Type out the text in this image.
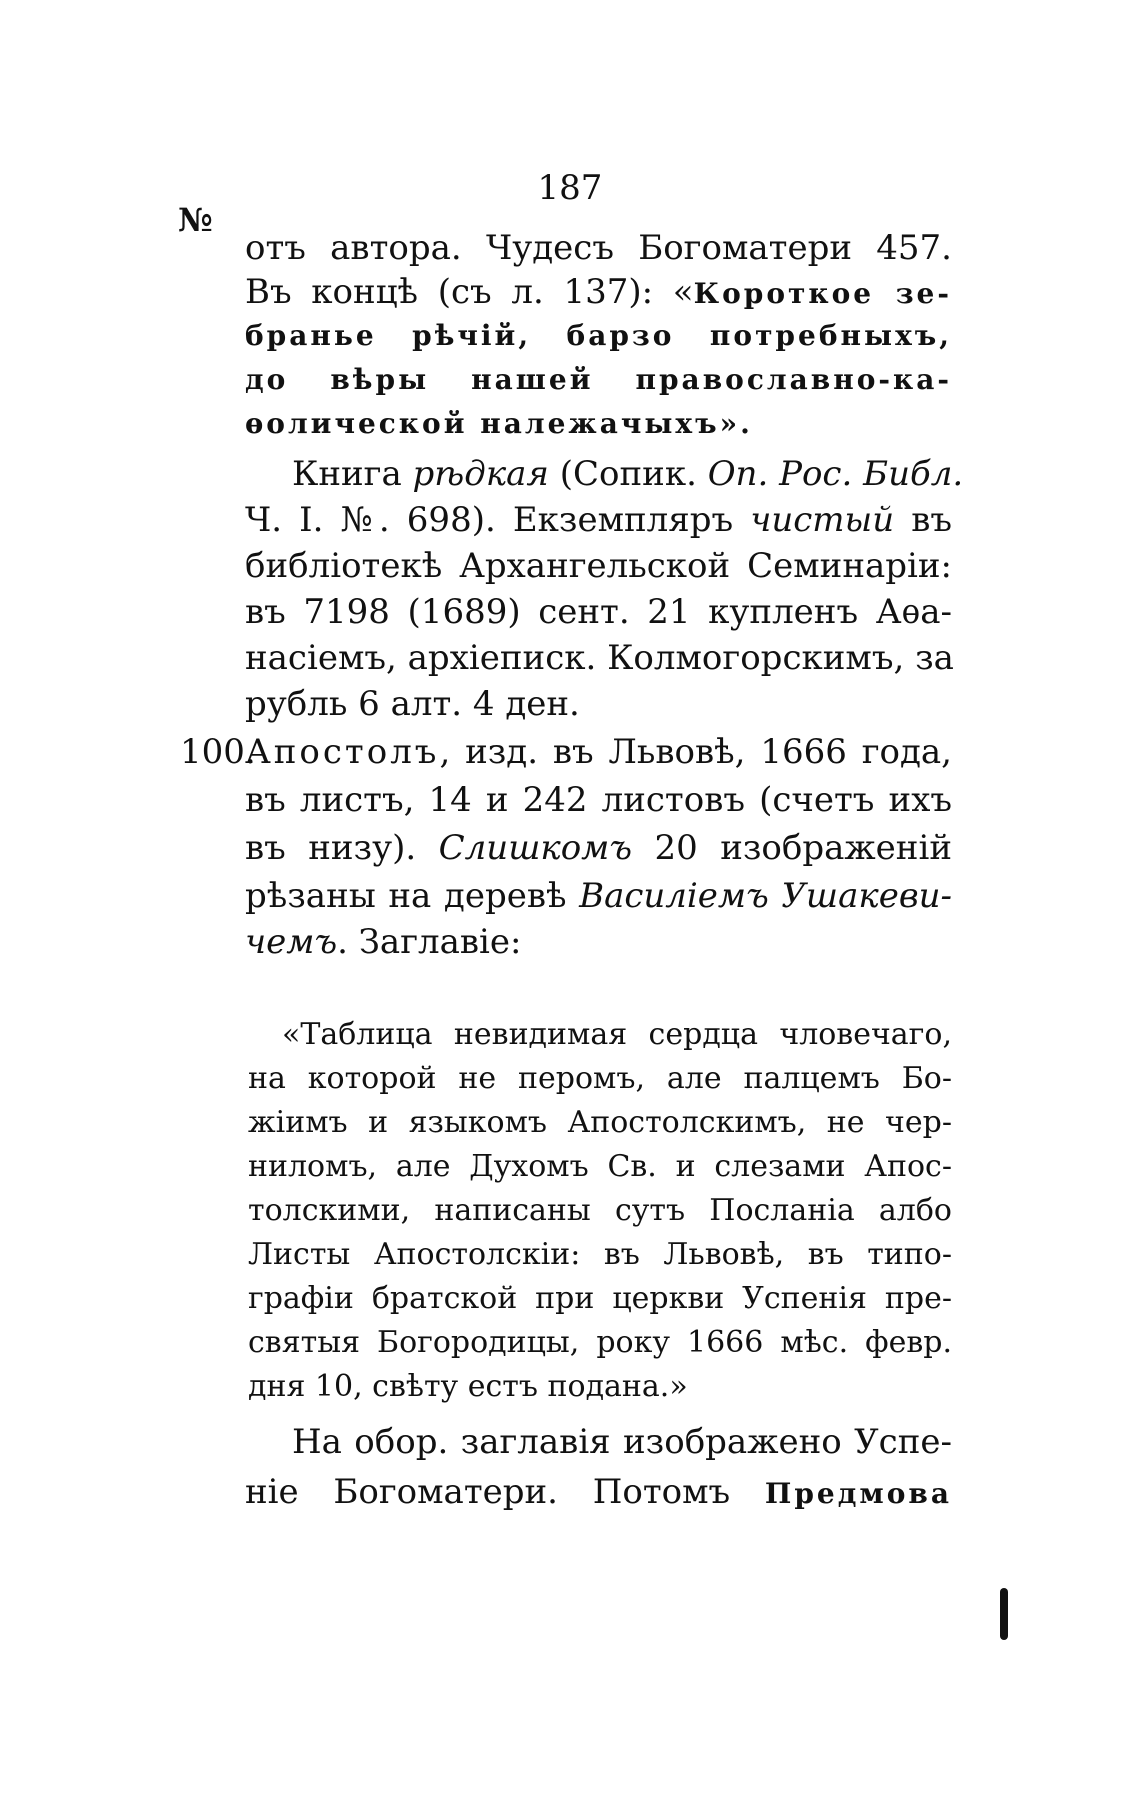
187
№
отъ автора. Чудесъ Богоматери 457.
Въ концѣ (съ л. 137): «Короткое зе-
бранье рѣчій, барзо потребныхъ,
до вѣры нашей православно-ка-
ѳолической належачыхъ».
Книга рѣдкая (Сопик. Оп. Рос. Библ.
Ч. I. №. 698). Екземпляръ чистый въ
библіотекѣ Архангельской Семинаріи:
въ 7198 (1689) сент. 21 купленъ Аѳа-
насіемъ, архіеписк. Колмогорскимъ, за
рубль 6 алт. 4 ден.
100.
Апостолъ, изд. въ Львовѣ, 1666 года,
въ листъ, 14 и 242 листовъ (счетъ ихъ
въ низу). Слишкомъ 20 изображеній
рѣзаны на деревѣ Василіемъ Ушакеви-
чемъ. Заглавіе:
«Таблица невидимая сердца чловечаго,
на которой не перомъ, але палцемъ Бо-
жіимъ и языкомъ Апостолскимъ, не чер-
ниломъ, але Духомъ Св. и слезами Апос-
толскими, написаны сутъ Посланіа албо
Листы Апостолскіи: въ Львовѣ, въ типо-
графіи братской при церкви Успенія пре-
святыя Богородицы, року 1666 мѣс. февр.
дня 10, свѣту естъ подана.»
На обор. заглавія изображено Успе-
ніе Богоматери. Потомъ Предмова
